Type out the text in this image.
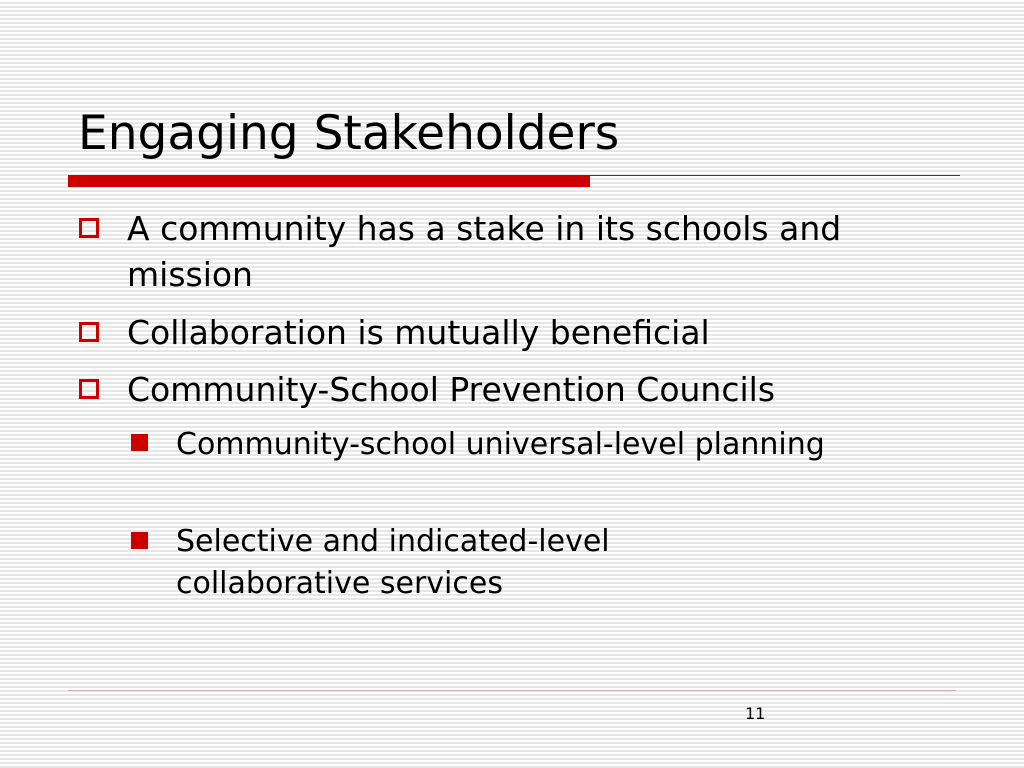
Engaging Stakeholders
A community has a stake in its schools and mission
Collaboration is mutually beneficial
Community-School Prevention Councils
Community-school universal-level planning
Selective and indicated-level collaborative services
11
